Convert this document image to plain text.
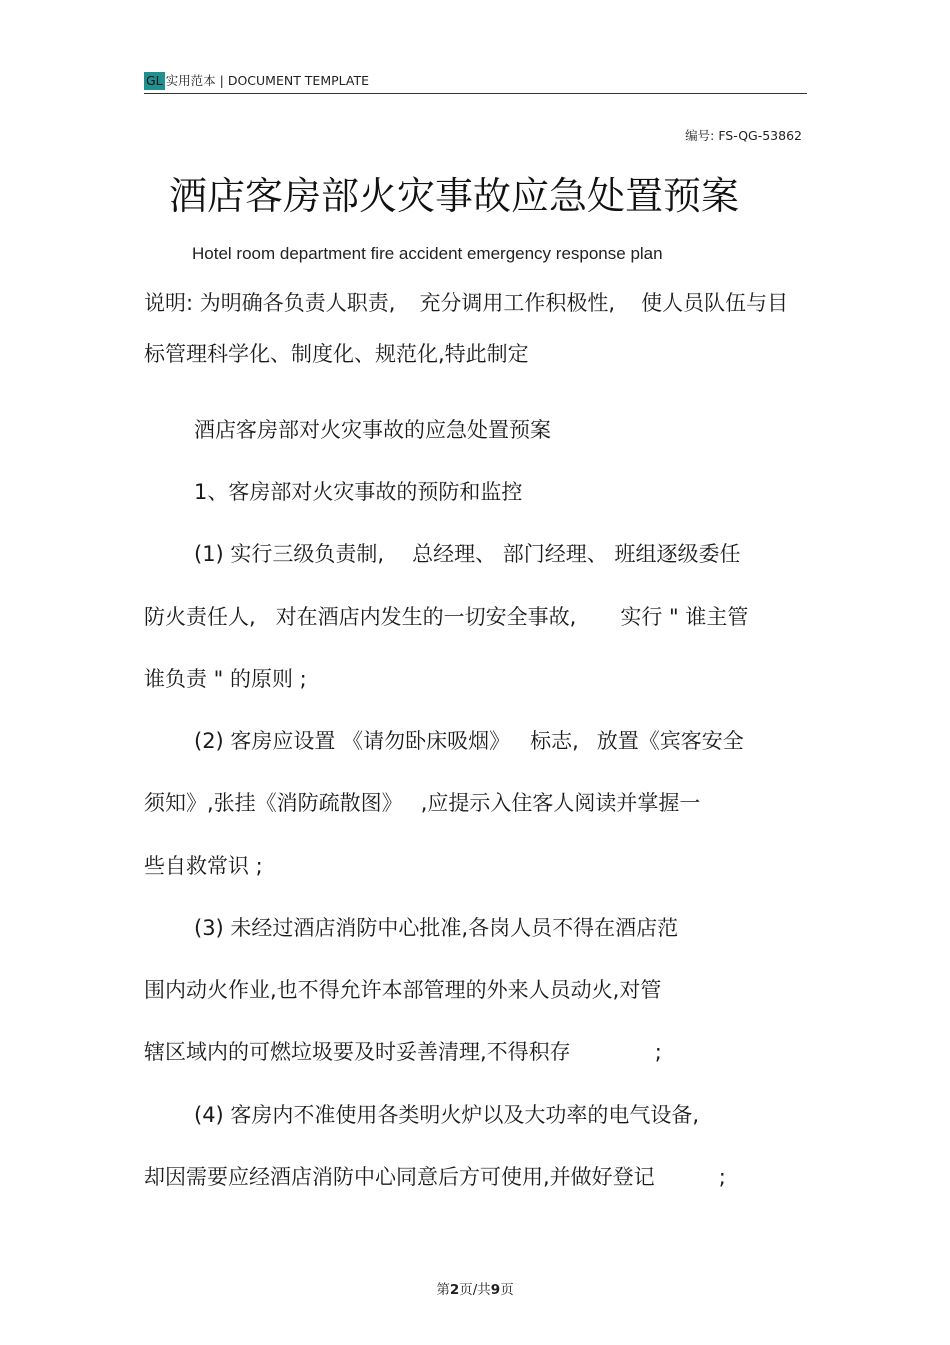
GL 实用范本 | DOCUMENT TEMPLATE
编号: FS-QG-53862
酒店客房部火灾事故应急处置预案
Hotel room department fire accident emergency response plan
说明: 为明确各负责人职责, 充分调用工作积极性, 使人员队伍与目
标管理科学化、制度化、规范化,特此制定
酒店客房部对火灾事故的应急处置预案
1、客房部对火灾事故的预防和监控
(1) 实行三级负责制, 总经理、 部门经理、 班组逐级委任
防火责任人, 对在酒店内发生的一切安全事故, 实行 " 谁主管
谁负责 " 的原则 ;
(2) 客房应设置 《请勿卧床吸烟》 标志, 放置《宾客安全
须知》,张挂《消防疏散图》 ,应提示入住客人阅读并掌握一
些自救常识 ;
(3) 未经过酒店消防中心批准,各岗人员不得在酒店范
围内动火作业,也不得允许本部管理的外来人员动火,对管
辖区域内的可燃垃圾要及时妥善清理,不得积存	;
(4) 客房内不准使用各类明火炉以及大功率的电气设备,
却因需要应经酒店消防中心同意后方可使用,并做好登记	;
第2页/共9页
